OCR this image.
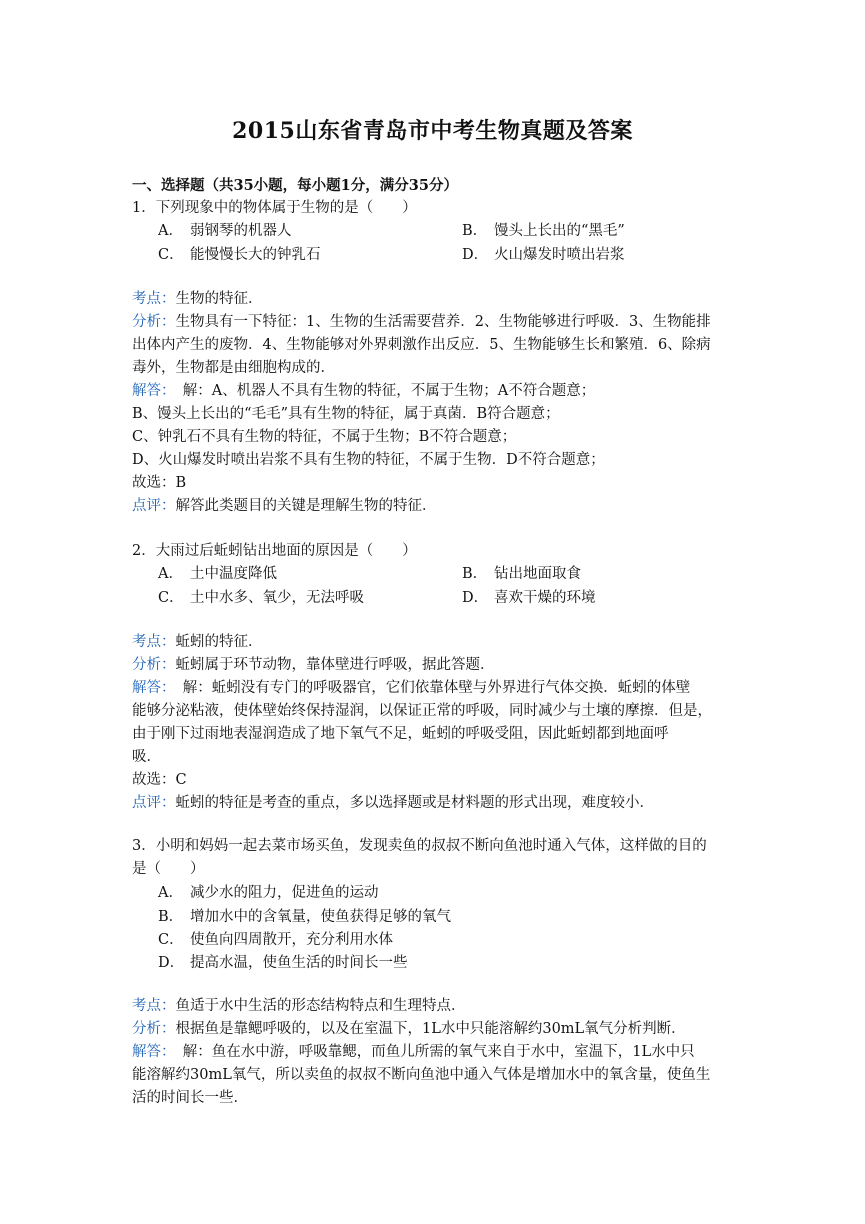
2015山东省青岛市中考生物真题及答案
一、选择题（共35小题，每小题1分，满分35分）
1．下列现象中的物体属于生物的是（　　）
A． 弱钢琴的机器人	B． 馒头上长出的“黑毛”
C． 能慢慢长大的钟乳石	D． 火山爆发时喷出岩浆
考点：生物的特征．
分析：生物具有一下特征：1、生物的生活需要营养．2、生物能够进行呼吸．3、生物能排
出体内产生的废物．4、生物能够对外界刺激作出反应．5、生物能够生长和繁殖．6、除病
毒外，生物都是由细胞构成的．
解答：　解：A、机器人不具有生物的特征，不属于生物；A不符合题意；
B、馒头上长出的“毛毛”具有生物的特征，属于真菌．B符合题意；
C、钟乳石不具有生物的特征，不属于生物；B不符合题意；
D、火山爆发时喷出岩浆不具有生物的特征，不属于生物．D不符合题意；
故选：B
点评：解答此类题目的关键是理解生物的特征．
2．大雨过后蚯蚓钻出地面的原因是（　　）
A． 土中温度降低	B． 钻出地面取食
C． 土中水多、氧少，无法呼吸	D． 喜欢干燥的环境
考点：蚯蚓的特征．
分析：蚯蚓属于环节动物，靠体壁进行呼吸，据此答题．
解答：　解：蚯蚓没有专门的呼吸器官，它们依靠体壁与外界进行气体交换．蚯蚓的体壁
能够分泌粘液，使体壁始终保持湿润，以保证正常的呼吸，同时减少与土壤的摩擦．但是，
由于刚下过雨地表湿润造成了地下氧气不足，蚯蚓的呼吸受阻，因此蚯蚓都到地面呼
吸．
故选：C
点评：蚯蚓的特征是考查的重点，多以选择题或是材料题的形式出现，难度较小．
3．小明和妈妈一起去菜市场买鱼，发现卖鱼的叔叔不断向鱼池时通入气体，这样做的目的
是（　　）
A． 减少水的阻力，促进鱼的运动
B． 增加水中的含氧量，使鱼获得足够的氧气
C． 使鱼向四周散开，充分利用水体
D． 提高水温，使鱼生活的时间长一些
考点：鱼适于水中生活的形态结构特点和生理特点．
分析：根据鱼是靠鳃呼吸的，以及在室温下，1L水中只能溶解约30mL氧气分析判断．
解答：　解：鱼在水中游，呼吸靠鳃，而鱼儿所需的氧气来自于水中，室温下，1L水中只
能溶解约30mL氧气，所以卖鱼的叔叔不断向鱼池中通入气体是增加水中的氧含量，使鱼生
活的时间长一些．
